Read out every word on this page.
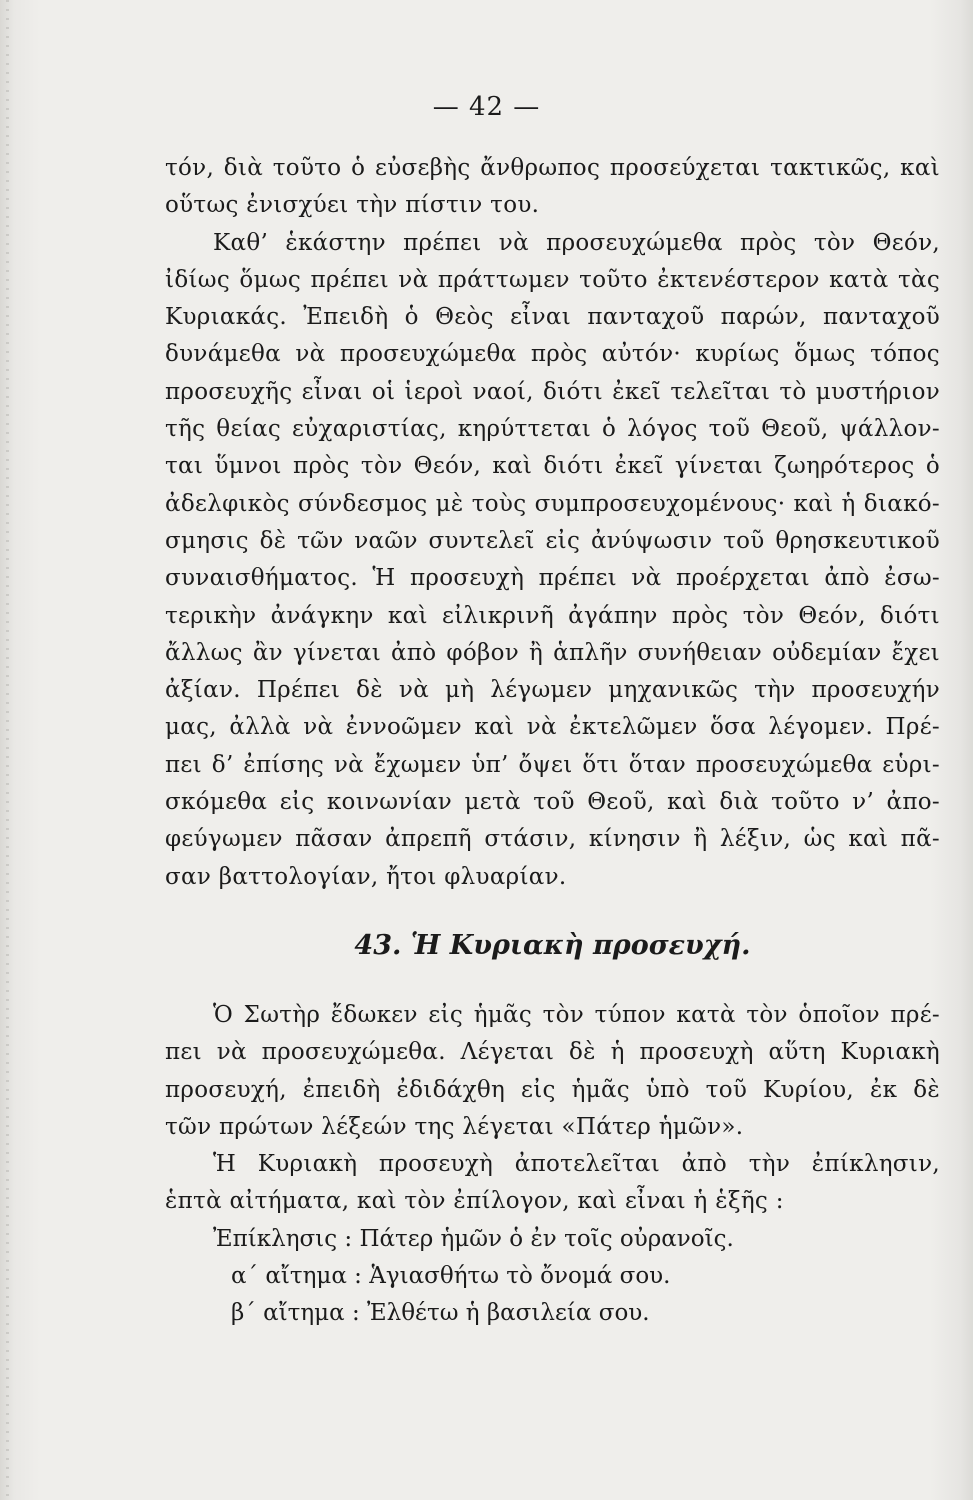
— 42 —
τόν, διὰ τοῦτο ὁ εὐσεβὴς ἄνθρωπος προσεύχεται τακτικῶς, καὶ
οὕτως ἐνισχύει τὴν πίστιν του.
Καθ’ ἑκάστην πρέπει νὰ προσευχώμεθα πρὸς τὸν Θεόν,
ἰδίως ὅμως πρέπει νὰ πράττωμεν τοῦτο ἐκτενέστερον κατὰ τὰς
Κυριακάς. Ἐπειδὴ ὁ Θεὸς εἶναι πανταχοῦ παρών, πανταχοῦ
δυνάμεθα νὰ προσευχώμεθα πρὸς αὐτόν· κυρίως ὅμως τόπος
προσευχῆς εἶναι οἱ ἱεροὶ ναοί, διότι ἐκεῖ τελεῖται τὸ μυστήριον
τῆς θείας εὐχαριστίας, κηρύττεται ὁ λόγος τοῦ Θεοῦ, ψάλλον-
ται ὕμνοι πρὸς τὸν Θεόν, καὶ διότι ἐκεῖ γίνεται ζωηρότερος ὁ
ἀδελφικὸς σύνδεσμος μὲ τοὺς συμπροσευχομένους· καὶ ἡ διακό-
σμησις δὲ τῶν ναῶν συντελεῖ εἰς ἀνύψωσιν τοῦ θρησκευτικοῦ
συναισθήματος. Ἡ προσευχὴ πρέπει νὰ προέρχεται ἀπὸ ἐσω-
τερικὴν ἀνάγκην καὶ εἰλικρινῆ ἀγάπην πρὸς τὸν Θεόν, διότι
ἄλλως ἂν γίνεται ἀπὸ φόβον ἢ ἁπλῆν συνήθειαν οὐδεμίαν ἔχει
ἀξίαν. Πρέπει δὲ νὰ μὴ λέγωμεν μηχανικῶς τὴν προσευχήν
μας, ἀλλὰ νὰ ἐννοῶμεν καὶ νὰ ἐκτελῶμεν ὅσα λέγομεν. Πρέ-
πει δ’ ἐπίσης νὰ ἔχωμεν ὑπ’ ὄψει ὅτι ὅταν προσευχώμεθα εὑρι-
σκόμεθα εἰς κοινωνίαν μετὰ τοῦ Θεοῦ, καὶ διὰ τοῦτο ν’ ἀπο-
φεύγωμεν πᾶσαν ἀπρεπῆ στάσιν, κίνησιν ἢ λέξιν, ὡς καὶ πᾶ-
σαν βαττολογίαν, ἤτοι φλυαρίαν.
43. Ἡ Κυριακὴ προσευχή.
Ὁ Σωτὴρ ἔδωκεν εἰς ἡμᾶς τὸν τύπον κατὰ τὸν ὁποῖον πρέ-
πει νὰ προσευχώμεθα. Λέγεται δὲ ἡ προσευχὴ αὕτη Κυριακὴ
προσευχή, ἐπειδὴ ἐδιδάχθη εἰς ἡμᾶς ὑπὸ τοῦ Κυρίου, ἐκ δὲ
τῶν πρώτων λέξεών της λέγεται «Πάτερ ἡμῶν».
Ἡ Κυριακὴ προσευχὴ ἀποτελεῖται ἀπὸ τὴν ἐπίκλησιν,
ἑπτὰ αἰτήματα, καὶ τὸν ἐπίλογον, καὶ εἶναι ἡ ἑξῆς :
Ἐπίκλησις : Πάτερ ἡμῶν ὁ ἐν τοῖς οὐρανοῖς.
α´ αἴτημα : Ἁγιασθήτω τὸ ὄνομά σου.
β´ αἴτημα : Ἐλθέτω ἡ βασιλεία σου.
